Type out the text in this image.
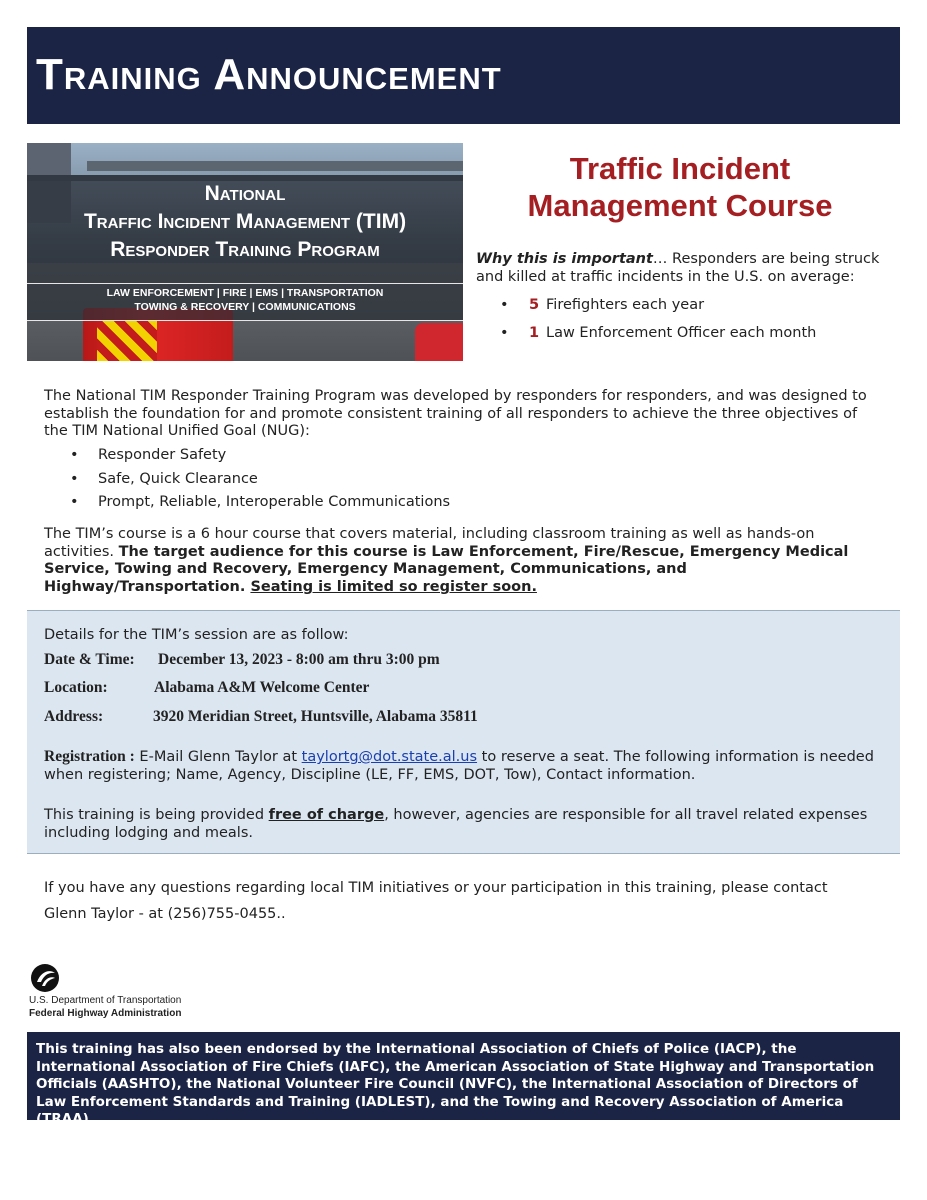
Training Announcement
National
Traffic Incident Management (TIM)
Responder Training Program
LAW ENFORCEMENT | FIRE | EMS | TRANSPORTATION
TOWING & RECOVERY | COMMUNICATIONS
Traffic Incident
Management Course
Why this is important… Responders are being struck and killed at traffic incidents in the U.S. on average:
• 5 Firefighters each year
• 1 Law Enforcement Officer each month
The National TIM Responder Training Program was developed by responders for responders, and was designed to establish the foundation for and promote consistent training of all responders to achieve the three objectives of the TIM National Unified Goal (NUG):
• Responder Safety
• Safe, Quick Clearance
• Prompt, Reliable, Interoperable Communications
The TIM’s course is a 6 hour course that covers material, including classroom training as well as hands-on activities. The target audience for this course is Law Enforcement, Fire/Rescue, Emergency Medical Service, Towing and Recovery, Emergency Management, Communications, and Highway/Transportation. Seating is limited so register soon.
Details for the TIM’s session are as follow:
Date & Time: December 13, 2023 - 8:00 am thru 3:00 pm
Location:	Alabama A&M Welcome Center
Address:	3920 Meridian Street, Huntsville, Alabama 35811
Registration : E-Mail Glenn Taylor at taylortg@dot.state.al.us to reserve a seat. The following information is needed when registering; Name, Agency, Discipline (LE, FF, EMS, DOT, Tow), Contact information.
This training is being provided free of charge, however, agencies are responsible for all travel related expenses including lodging and meals.
If you have any questions regarding local TIM initiatives or your participation in this training, please contact
Glenn Taylor - at (256)755-0455..
U.S. Department of Transportation
Federal Highway Administration
This training has also been endorsed by the International Association of Chiefs of Police (IACP), the International Association of Fire Chiefs (IAFC), the American Association of State Highway and Transportation Officials (AASHTO), the National Volunteer Fire Council (NVFC), the International Association of Directors of Law Enforcement Standards and Training (IADLEST), and the Towing and Recovery Association of America (TRAA).
